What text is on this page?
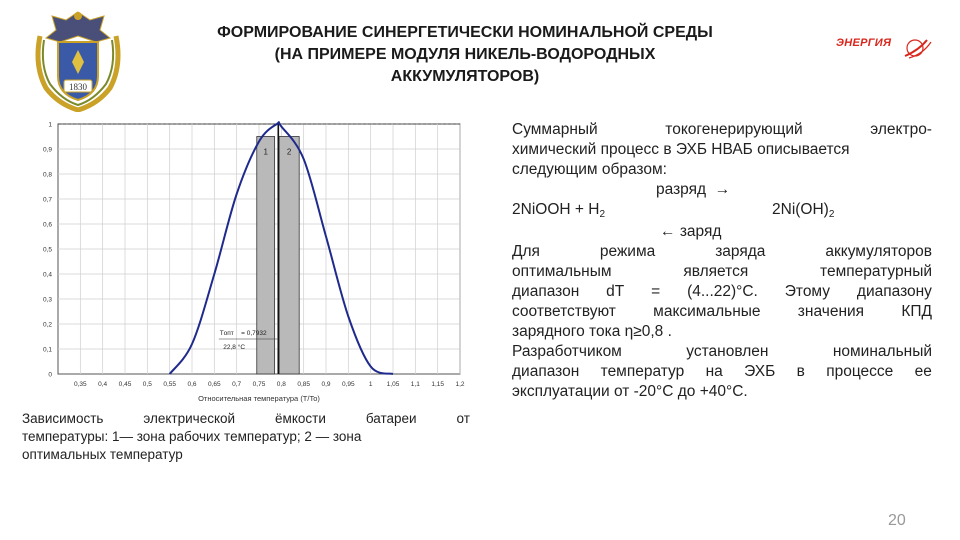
1830
ФОРМИРОВАНИЕ СИНЕРГЕТИЧЕСКИ НОМИНАЛЬНОЙ СРЕДЫ
(НА ПРИМЕРЕ МОДУЛЯ НИКЕЛЬ-ВОДОРОДНЫХ
АККУМУЛЯТОРОВ)
ЭНЕРГИЯ
0
0,1
0,2
0,3
0,4
0,5
0,6
0,7
0,8
0,9
1
0,35 0,4 0,45 0,5 0,55 0,6 0,65 0,7 0,75 0,8 0,85 0,9 0,95 1 1,05 1,1 1,15 1,2
Относительная температура (T/To)
1 2
Tопт = 0,7932
22,8 °C
Зависимость	электрической	ёмкости	батареи	от
температуры: 1— зона рабочих температур; 2 — зона
оптимальных температур
Суммарный	токогенерирующий	электро-
химический процесс в ЭХБ НВАБ описывается
следующим образом:
разряд →
2NiOOH + $H_2$	$2Ni(OH)_2$
← заряд
Для	режима	заряда	аккумуляторов
оптимальным	является	температурный
диапазон dT = (4...22)°С. Этому диапазону
соответствуют максимальные значения КПД
зарядного тока η≥0,8 .
Разработчиком	установлен	номинальный
диапазон температур на ЭХБ в процессе ее
эксплуатации от -20°С до +40°С.
20
